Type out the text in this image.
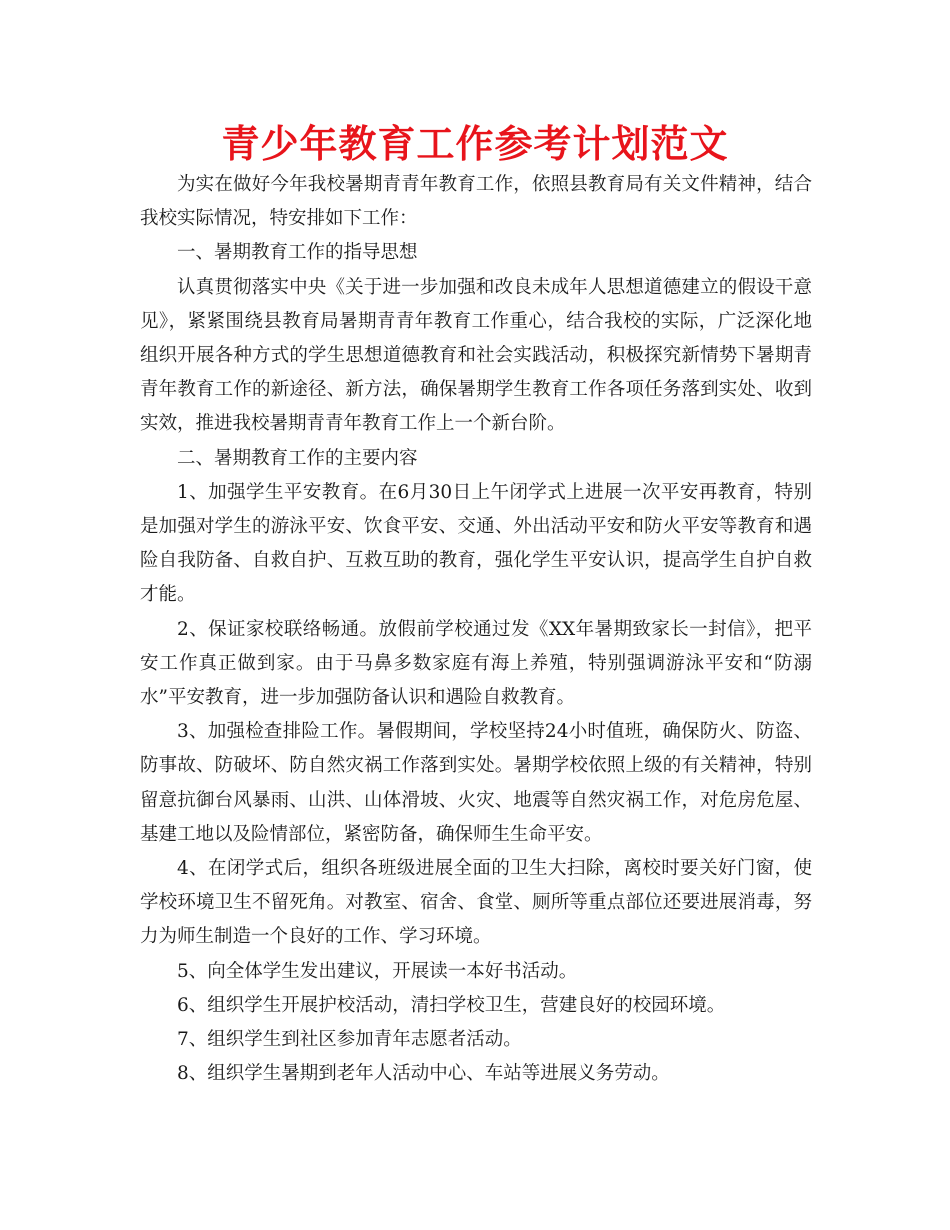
青少年教育工作参考计划范文

为实在做好今年我校暑期青青年教育工作，依照县教育局有关文件精神，结合我校实际情况，特安排如下工作：

一、暑期教育工作的指导思想

认真贯彻落实中央《关于进一步加强和改良未成年人思想道德建立的假设干意见》，紧紧围绕县教育局暑期青青年教育工作重心，结合我校的实际，广泛深化地组织开展各种方式的学生思想道德教育和社会实践活动，积极探究新情势下暑期青青年教育工作的新途径、新方法，确保暑期学生教育工作各项任务落到实处、收到实效，推进我校暑期青青年教育工作上一个新台阶。

二、暑期教育工作的主要内容

1、加强学生平安教育。在6月30日上午闭学式上进展一次平安再教育，特别是加强对学生的游泳平安、饮食平安、交通、外出活动平安和防火平安等教育和遇险自我防备、自救自护、互救互助的教育，强化学生平安认识，提高学生自护自救才能。

2、保证家校联络畅通。放假前学校通过发《XX年暑期致家长一封信》，把平安工作真正做到家。由于马鼻多数家庭有海上养殖，特别强调游泳平安和“防溺水”平安教育，进一步加强防备认识和遇险自救教育。

3、加强检查排险工作。暑假期间，学校坚持24小时值班，确保防火、防盗、防事故、防破坏、防自然灾祸工作落到实处。暑期学校依照上级的有关精神，特别留意抗御台风暴雨、山洪、山体滑坡、火灾、地震等自然灾祸工作，对危房危屋、基建工地以及险情部位，紧密防备，确保师生生命平安。

4、在闭学式后，组织各班级进展全面的卫生大扫除，离校时要关好门窗，使学校环境卫生不留死角。对教室、宿舍、食堂、厕所等重点部位还要进展消毒，努力为师生制造一个良好的工作、学习环境。

5、向全体学生发出建议，开展读一本好书活动。

6、组织学生开展护校活动，清扫学校卫生，营建良好的校园环境。

7、组织学生到社区参加青年志愿者活动。

8、组织学生暑期到老年人活动中心、车站等进展义务劳动。
